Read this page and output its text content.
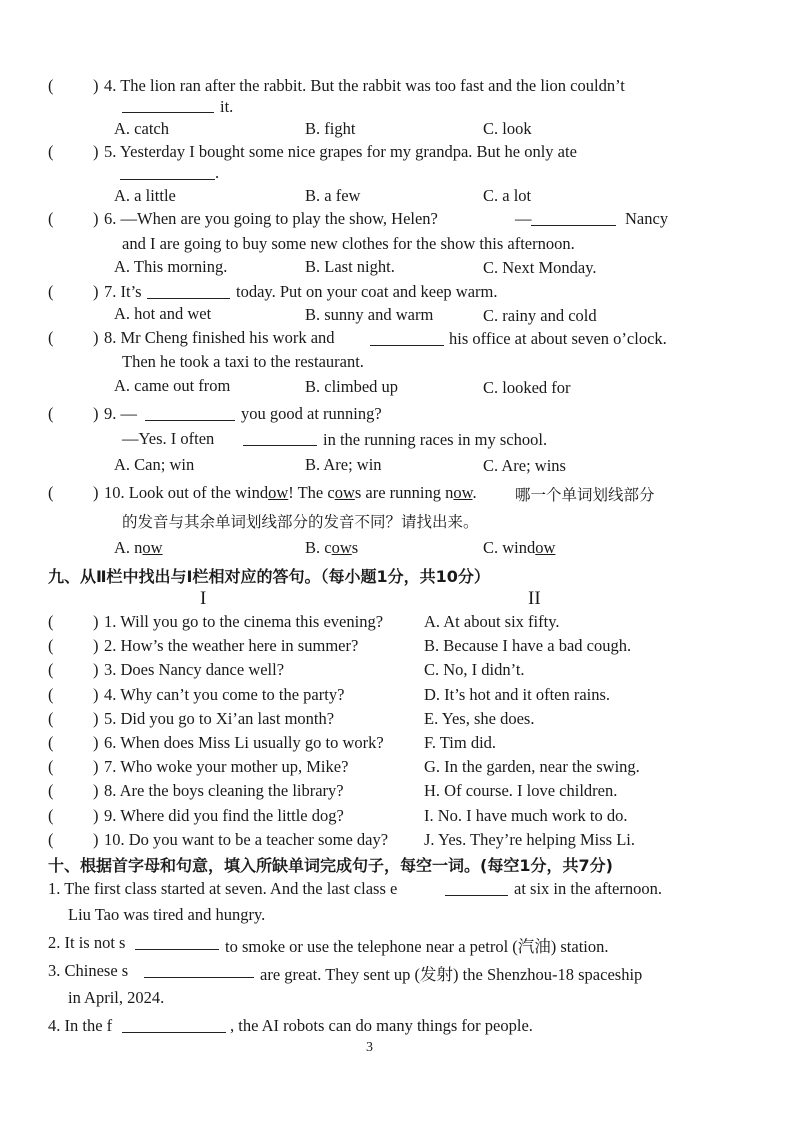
( ) 4. The lion ran after the rabbit. But the rabbit was too fast and the lion couldn’t
it.
A. catch	B. fight	C. look
( ) 5. Yesterday I bought some nice grapes for my grandpa. But he only ate
.
A. a little	B. a few	C. a lot
( ) 6. —When are you going to play the show, Helen?	—	Nancy
and I are going to buy some new clothes for the show this afternoon.
A. This morning.	B. Last night.	C. Next Monday.
( ) 7. It’s	today. Put on your coat and keep warm.
A. hot and wet	B. sunny and warm	C. rainy and cold
( ) 8. Mr Cheng finished his work and	his office at about seven o’clock.
Then he took a taxi to the restaurant.
A. came out from	B. climbed up	C. looked for
( ) 9. —	you good at running?
—Yes. I often	in the running races in my school.
A. Can; win	B. Are; win	C. Are; wins
( ) 10. Look out of the window! The cows are running now. 哪一个单词划线部分
的发音与其余单词划线部分的发音不同？请找出来。
A. now	B. cows	C. window
九、从Ⅱ栏中找出与Ⅰ栏相对应的答句。（每小题1分，共10分）
I	II
( ) 1. Will you go to the cinema this evening? A. At about six fifty.
( ) 2. How’s the weather here in summer?	B. Because I have a bad cough.
( ) 3. Does Nancy dance well?	C. No, I didn’t.
( ) 4. Why can’t you come to the party?	D. It’s hot and it often rains.
( ) 5. Did you go to Xi’an last month?	E. Yes, she does.
( ) 6. When does Miss Li usually go to work? F. Tim did.
( ) 7. Who woke your mother up, Mike?	G. In the garden, near the swing.
( ) 8. Are the boys cleaning the library?	H. Of course. I love children.
( ) 9. Where did you find the little dog?	I. No. I have much work to do.
( ) 10. Do you want to be a teacher some day? J. Yes. They’re helping Miss Li.
十、根据首字母和句意，填入所缺单词完成句子，每空一词。(每空1分，共7分)
1. The first class started at seven. And the last class e	at six in the afternoon.
Liu Tao was tired and hungry.
2. It is not s	to smoke or use the telephone near a petrol (汽油) station.
3. Chinese s	are great. They sent up (发射) the Shenzhou-18 spaceship
in April, 2024.
4. In the f	, the AI robots can do many things for people.
3
